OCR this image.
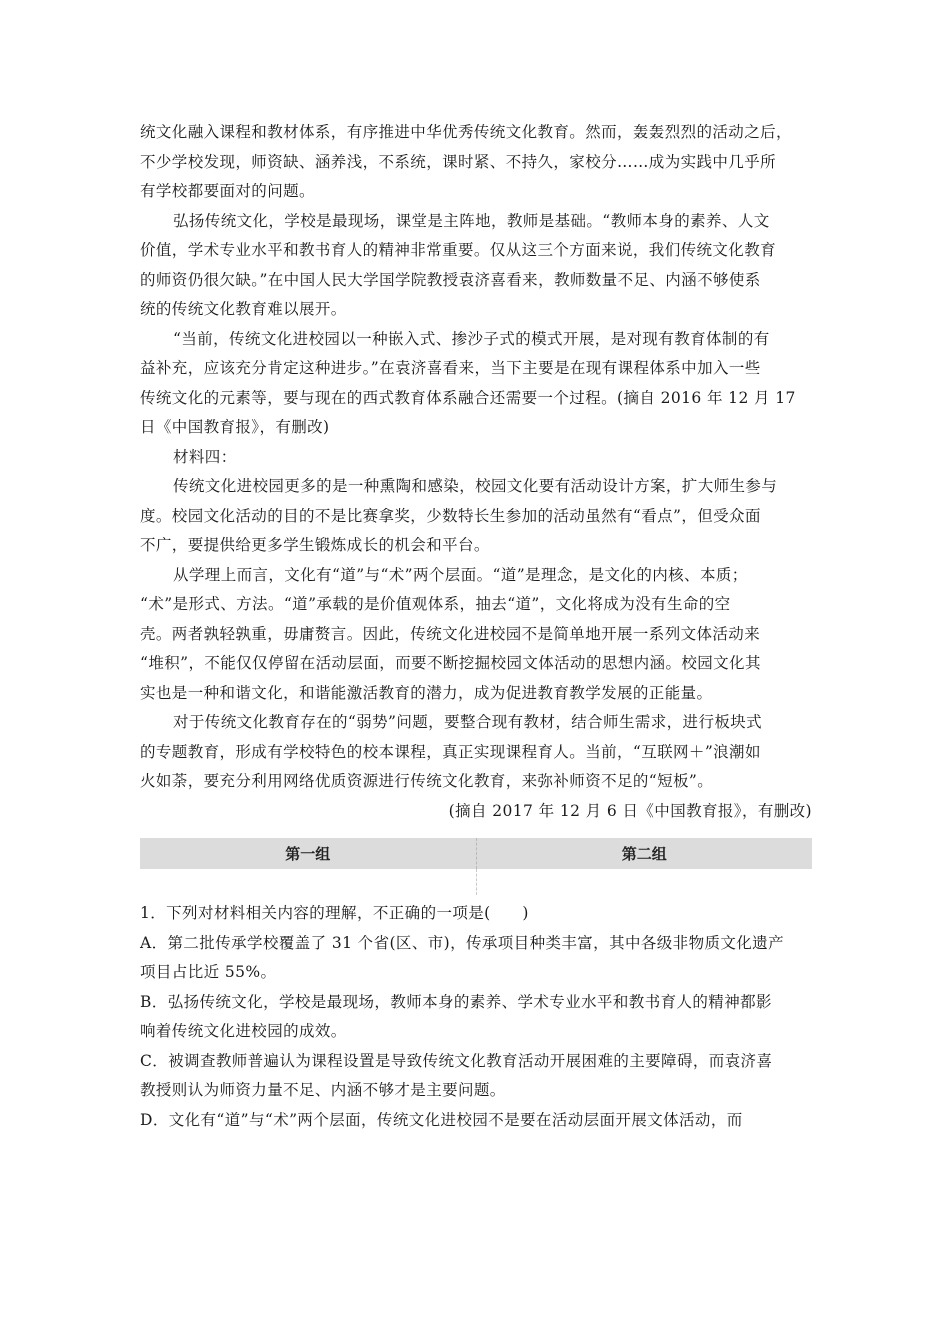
统文化融入课程和教材体系，有序推进中华优秀传统文化教育。然而，轰轰烈烈的活动之后，
不少学校发现，师资缺、涵养浅，不系统，课时紧、不持久，家校分……成为实践中几乎所
有学校都要面对的问题。
弘扬传统文化，学校是最现场，课堂是主阵地，教师是基础。“教师本身的素养、人文
价值，学术专业水平和教书育人的精神非常重要。仅从这三个方面来说，我们传统文化教育
的师资仍很欠缺。”在中国人民大学国学院教授袁济喜看来，教师数量不足、内涵不够使系
统的传统文化教育难以展开。
“当前，传统文化进校园以一种嵌入式、掺沙子式的模式开展，是对现有教育体制的有
益补充，应该充分肯定这种进步。”在袁济喜看来，当下主要是在现有课程体系中加入一些
传统文化的元素等，要与现在的西式教育体系融合还需要一个过程。(摘自 2016 年 12 月 17
日《中国教育报》，有删改)
材料四：
传统文化进校园更多的是一种熏陶和感染，校园文化要有活动设计方案，扩大师生参与
度。校园文化活动的目的不是比赛拿奖，少数特长生参加的活动虽然有“看点”，但受众面
不广，要提供给更多学生锻炼成长的机会和平台。
从学理上而言，文化有“道”与“术”两个层面。“道”是理念，是文化的内核、本质；
“术”是形式、方法。“道”承载的是价值观体系，抽去“道”，文化将成为没有生命的空
壳。两者孰轻孰重，毋庸赘言。因此，传统文化进校园不是简单地开展一系列文体活动来
“堆积”，不能仅仅停留在活动层面，而要不断挖掘校园文体活动的思想内涵。校园文化其
实也是一种和谐文化，和谐能激活教育的潜力，成为促进教育教学发展的正能量。
对于传统文化教育存在的“弱势”问题，要整合现有教材，结合师生需求，进行板块式
的专题教育，形成有学校特色的校本课程，真正实现课程育人。当前，“互联网＋”浪潮如
火如荼，要充分利用网络优质资源进行传统文化教育，来弥补师资不足的“短板”。
(摘自 2017 年 12 月 6 日《中国教育报》，有删改)
第一组	第二组
1．下列对材料相关内容的理解，不正确的一项是(　　)
A．第二批传承学校覆盖了 31 个省(区、市)，传承项目种类丰富，其中各级非物质文化遗产
项目占比近 55%。
B．弘扬传统文化，学校是最现场，教师本身的素养、学术专业水平和教书育人的精神都影
响着传统文化进校园的成效。
C．被调查教师普遍认为课程设置是导致传统文化教育活动开展困难的主要障碍，而袁济喜
教授则认为师资力量不足、内涵不够才是主要问题。
D．文化有“道”与“术”两个层面，传统文化进校园不是要在活动层面开展文体活动，而
